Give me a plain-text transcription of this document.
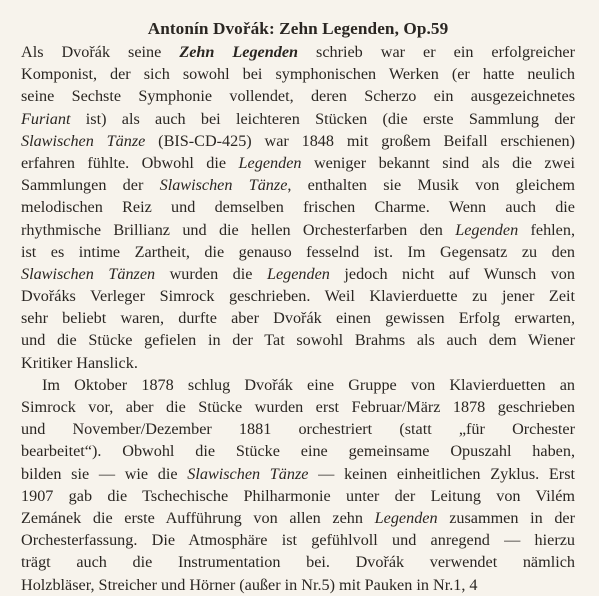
Antonín Dvořák: Zehn Legenden, Op.59
Als Dvořák seine Zehn Legenden schrieb war er ein erfolgreicher
Komponist, der sich sowohl bei symphonischen Werken (er hatte neulich
seine Sechste Symphonie vollendet, deren Scherzo ein ausgezeichnetes
Furiant ist) als auch bei leichteren Stücken (die erste Sammlung der
Slawischen Tänze (BIS-CD-425) war 1848 mit großem Beifall erschienen)
erfahren fühlte. Obwohl die Legenden weniger bekannt sind als die zwei
Sammlungen der Slawischen Tänze, enthalten sie Musik von gleichem
melodischen Reiz und demselben frischen Charme. Wenn auch die
rhythmische Brillianz und die hellen Orchesterfarben den Legenden fehlen,
ist es intime Zartheit, die genauso fesselnd ist. Im Gegensatz zu den
Slawischen Tänzen wurden die Legenden jedoch nicht auf Wunsch von
Dvořáks Verleger Simrock geschrieben. Weil Klavierduette zu jener Zeit
sehr beliebt waren, durfte aber Dvořák einen gewissen Erfolg erwarten,
und die Stücke gefielen in der Tat sowohl Brahms als auch dem Wiener
Kritiker Hanslick.
Im Oktober 1878 schlug Dvořák eine Gruppe von Klavierduetten an
Simrock vor, aber die Stücke wurden erst Februar/März 1878 geschrieben
und November/Dezember 1881 orchestriert (statt „für Orchester
bearbeitet“). Obwohl die Stücke eine gemeinsame Opuszahl haben,
bilden sie — wie die Slawischen Tänze — keinen einheitlichen Zyklus. Erst
1907 gab die Tschechische Philharmonie unter der Leitung von Vilém
Zemánek die erste Aufführung von allen zehn Legenden zusammen in der
Orchesterfassung. Die Atmosphäre ist gefühlvoll und anregend — hierzu
trägt auch die Instrumentation bei. Dvořák verwendet nämlich
Holzbläser, Streicher und Hörner (außer in Nr.5) mit Pauken in Nr.1, 4
